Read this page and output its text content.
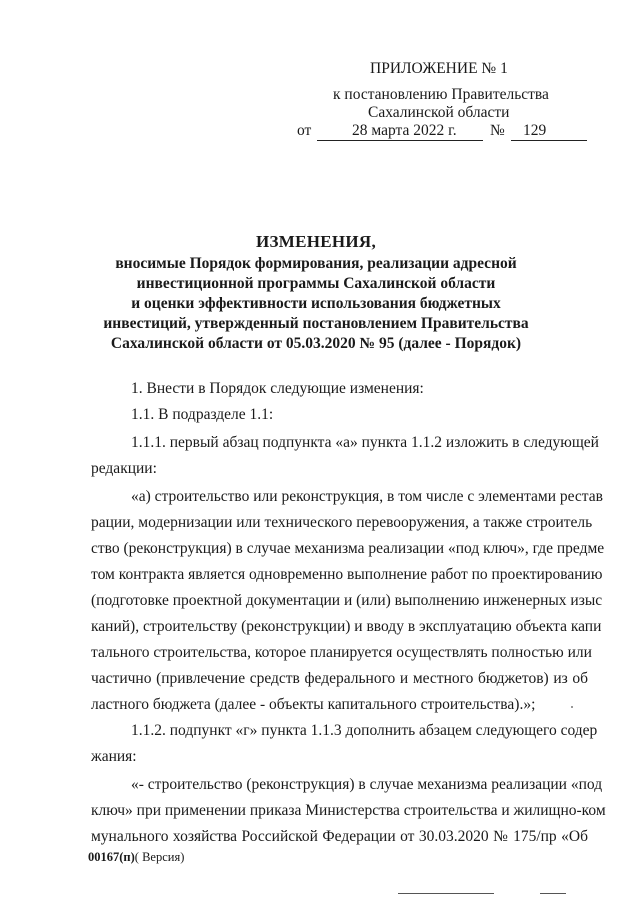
ПРИЛОЖЕНИЕ № 1
к постановлению Правительства
Сахалинской области
от	28 марта 2022 г. № 129
ИЗМЕНЕНИЯ,
вносимые Порядок формирования, реализации адресной
инвестиционной программы Сахалинской области
и оценки эффективности использования бюджетных
инвестиций, утвержденный постановлением Правительства
Сахалинской области от 05.03.2020 № 95 (далее - Порядок)
1. Внести в Порядок следующие изменения:
1.1. В подразделе 1.1:
1.1.1. первый абзац подпункта «а» пункта 1.1.2 изложить в следующей
редакции:
«а) строительство или реконструкция, в том числе с элементами рестав
рации, модернизации или технического перевооружения, а также строитель
ство (реконструкция) в случае механизма реализации «под ключ», где предме
том контракта является одновременно выполнение работ по проектированию
(подготовке проектной документации и (или) выполнению инженерных изыс
каний), строительству (реконструкции) и вводу в эксплуатацию объекта капи
тального строительства, которое планируется осуществлять полностью или
частично (привлечение средств федерального и местного бюджетов) из об
ластного бюджета (далее - объекты капитального строительства).»;
1.1.2. подпункт «г» пункта 1.1.3 дополнить абзацем следующего содер
жания:
«- строительство (реконструкция) в случае механизма реализации «под
ключ» при применении приказа Министерства строительства и жилищно-ком
мунального хозяйства Российской Федерации от 30.03.2020 № 175/пр «Об
00167(п)( Версия)
